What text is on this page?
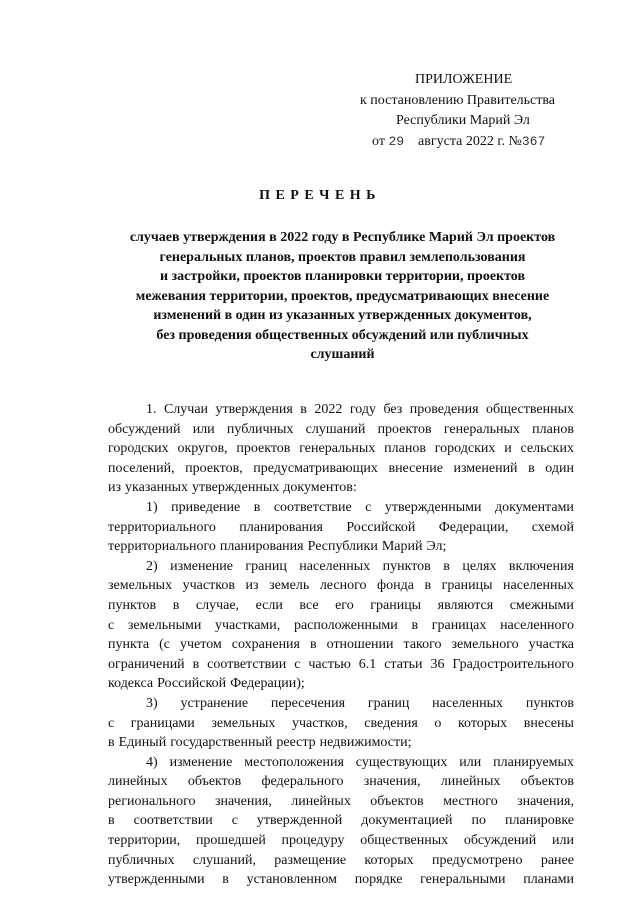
ПРИЛОЖЕНИЕ
к постановлению Правительства
Республики Марий Эл
от 29 августа 2022 г. №367
ПЕРЕЧЕНЬ
случаев утверждения в 2022 году в Республике Марий Эл проектов
генеральных планов, проектов правил землепользования
и застройки, проектов планировки территории, проектов
межевания территории, проектов, предусматривающих внесение
изменений в один из указанных утвержденных документов,
без проведения общественных обсуждений или публичных
слушаний
1. Случаи утверждения в 2022 году без проведения общественных
обсуждений или публичных слушаний проектов генеральных планов
городских округов, проектов генеральных планов городских и сельских
поселений, проектов, предусматривающих внесение изменений в один
из указанных утвержденных документов:
1) приведение в соответствие с утвержденными документами
территориального планирования Российской Федерации, схемой
территориального планирования Республики Марий Эл;
2) изменение границ населенных пунктов в целях включения
земельных участков из земель лесного фонда в границы населенных
пунктов в случае, если все его границы являются смежными
с земельными участками, расположенными в границах населенного
пункта (с учетом сохранения в отношении такого земельного участка
ограничений в соответствии с частью 6.1 статьи 36 Градостроительного
кодекса Российской Федерации);
3) устранение пересечения границ населенных пунктов
с границами земельных участков, сведения о которых внесены
в Единый государственный реестр недвижимости;
4) изменение местоположения существующих или планируемых
линейных объектов федерального значения, линейных объектов
регионального значения, линейных объектов местного значения,
в соответствии с утвержденной документацией по планировке
территории, прошедшей процедуру общественных обсуждений или
публичных слушаний, размещение которых предусмотрено ранее
утвержденными в установленном порядке генеральными планами
